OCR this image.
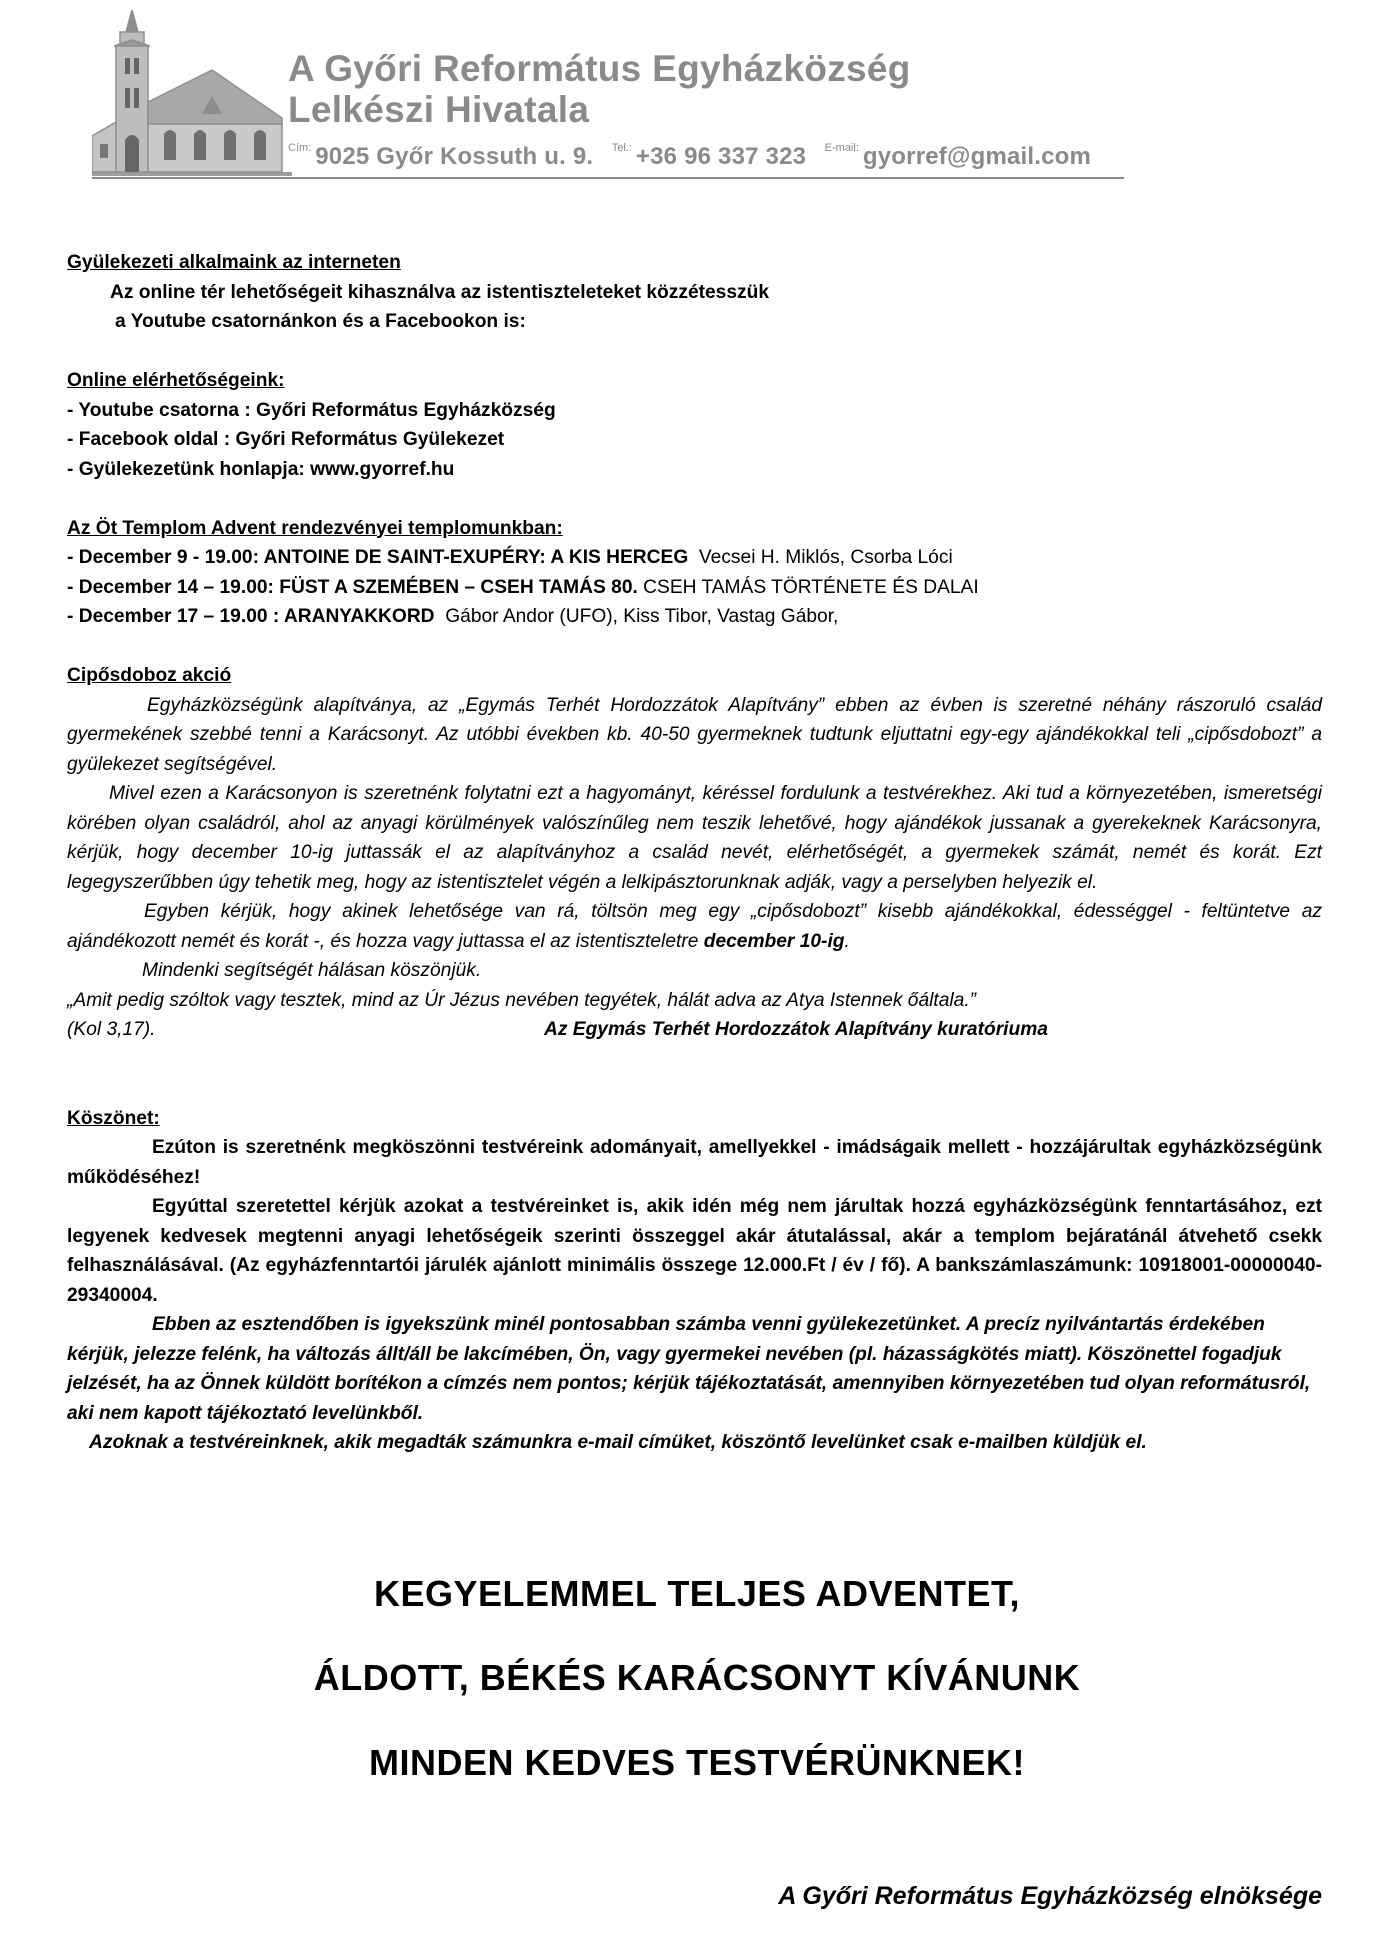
A Győri Református Egyházközség
Lelkészi Hivatala
$^{Cím:}$ 9025 Győr Kossuth u. 9. $^{Tel.:}$ +36 96 337 323 $^{E-mail:}$ gyorref@gmail.com

Gyülekezeti alkalmaink az interneten

Az online tér lehetőségeit kihasználva az istentiszteleteket közzétesszük

a Youtube csatornánkon és a Facebookon is:

Online elérhetőségeink:

- Youtube csatorna : Győri Református Egyházközség

- Facebook oldal : Győri Református Gyülekezet

- Gyülekezetünk honlapja: www.gyorref.hu

Az Öt Templom Advent rendezvényei templomunkban:

- December 9 - 19.00: ANTOINE DE SAINT-EXUPÉRY: A KIS HERCEG Vecsei H. Miklós, Csorba Lóci

- December 14 – 19.00: FÜST A SZEMÉBEN – CSEH TAMÁS 80. CSEH TAMÁS TÖRTÉNETE ÉS DALAI

- December 17 – 19.00 : ARANYAKKORD Gábor Andor (UFO), Kiss Tibor, Vastag Gábor,

Cipősdoboz akció

Egyházközségünk alapítványa, az „Egymás Terhét Hordozzátok Alapítvány” ebben az évben is szeretné néhány rászoruló család gyermekének szebbé tenni a Karácsonyt. Az utóbbi években kb. 40-50 gyermeknek tudtunk eljuttatni egy-egy ajándékokkal teli „cipősdobozt” a gyülekezet segítségével.

Mivel ezen a Karácsonyon is szeretnénk folytatni ezt a hagyományt, kéréssel fordulunk a testvérekhez. Aki tud a környezetében, ismeretségi körében olyan családról, ahol az anyagi körülmények valószínűleg nem teszik lehetővé, hogy ajándékok jussanak a gyerekeknek Karácsonyra, kérjük, hogy december 10-ig juttassák el az alapítványhoz a család nevét, elérhetőségét, a gyermekek számát, nemét és korát. Ezt legegyszerűbben úgy tehetik meg, hogy az istentisztelet végén a lelkipásztorunknak adják, vagy a perselyben helyezik el.

Egyben kérjük, hogy akinek lehetősége van rá, töltsön meg egy „cipősdobozt” kisebb ajándékokkal, édességgel - feltüntetve az ajándékozott nemét és korát -, és hozza vagy juttassa el az istentiszteletre december 10-ig.

Mindenki segítségét hálásan köszönjük.

„Amit pedig szóltok vagy tesztek, mind az Úr Jézus nevében tegyétek, hálát adva az Atya Istennek őáltala.”

(Kol 3,17).	Az Egymás Terhét Hordozzátok Alapítvány kuratóriuma

Köszönet:

Ezúton is szeretnénk megköszönni testvéreink adományait, amellyekkel - imádságaik mellett - hozzájárultak egyházközségünk működéséhez!

Egyúttal szeretettel kérjük azokat a testvéreinket is, akik idén még nem járultak hozzá egyházközségünk fenntartásához, ezt legyenek kedvesek megtenni anyagi lehetőségeik szerinti összeggel akár átutalással, akár a templom bejáratánál átvehető csekk felhasználásával. (Az egyházfenntartói járulék ajánlott minimális összege 12.000.Ft / év / fő). A bankszámlaszámunk: 10918001-00000040-29340004.

Ebben az esztendőben is igyekszünk minél pontosabban számba venni gyülekezetünket. A precíz nyilvántartás érdekében kérjük, jelezze felénk, ha változás állt/áll be lakcímében, Ön, vagy gyermekei nevében (pl. házasságkötés miatt). Köszönettel fogadjuk jelzését, ha az Önnek küldött borítékon a címzés nem pontos; kérjük tájékoztatását, amennyiben környezetében tud olyan reformátusról, aki nem kapott tájékoztató levelünkből.

Azoknak a testvéreinknek, akik megadták számunkra e-mail címüket, köszöntő levelünket csak e-mailben küldjük el.

KEGYELEMMEL TELJES ADVENTET,
ÁLDOTT, BÉKÉS KARÁCSONYT KÍVÁNUNK
MINDEN KEDVES TESTVÉRÜNKNEK!
A Győri Református Egyházközség elnöksége
